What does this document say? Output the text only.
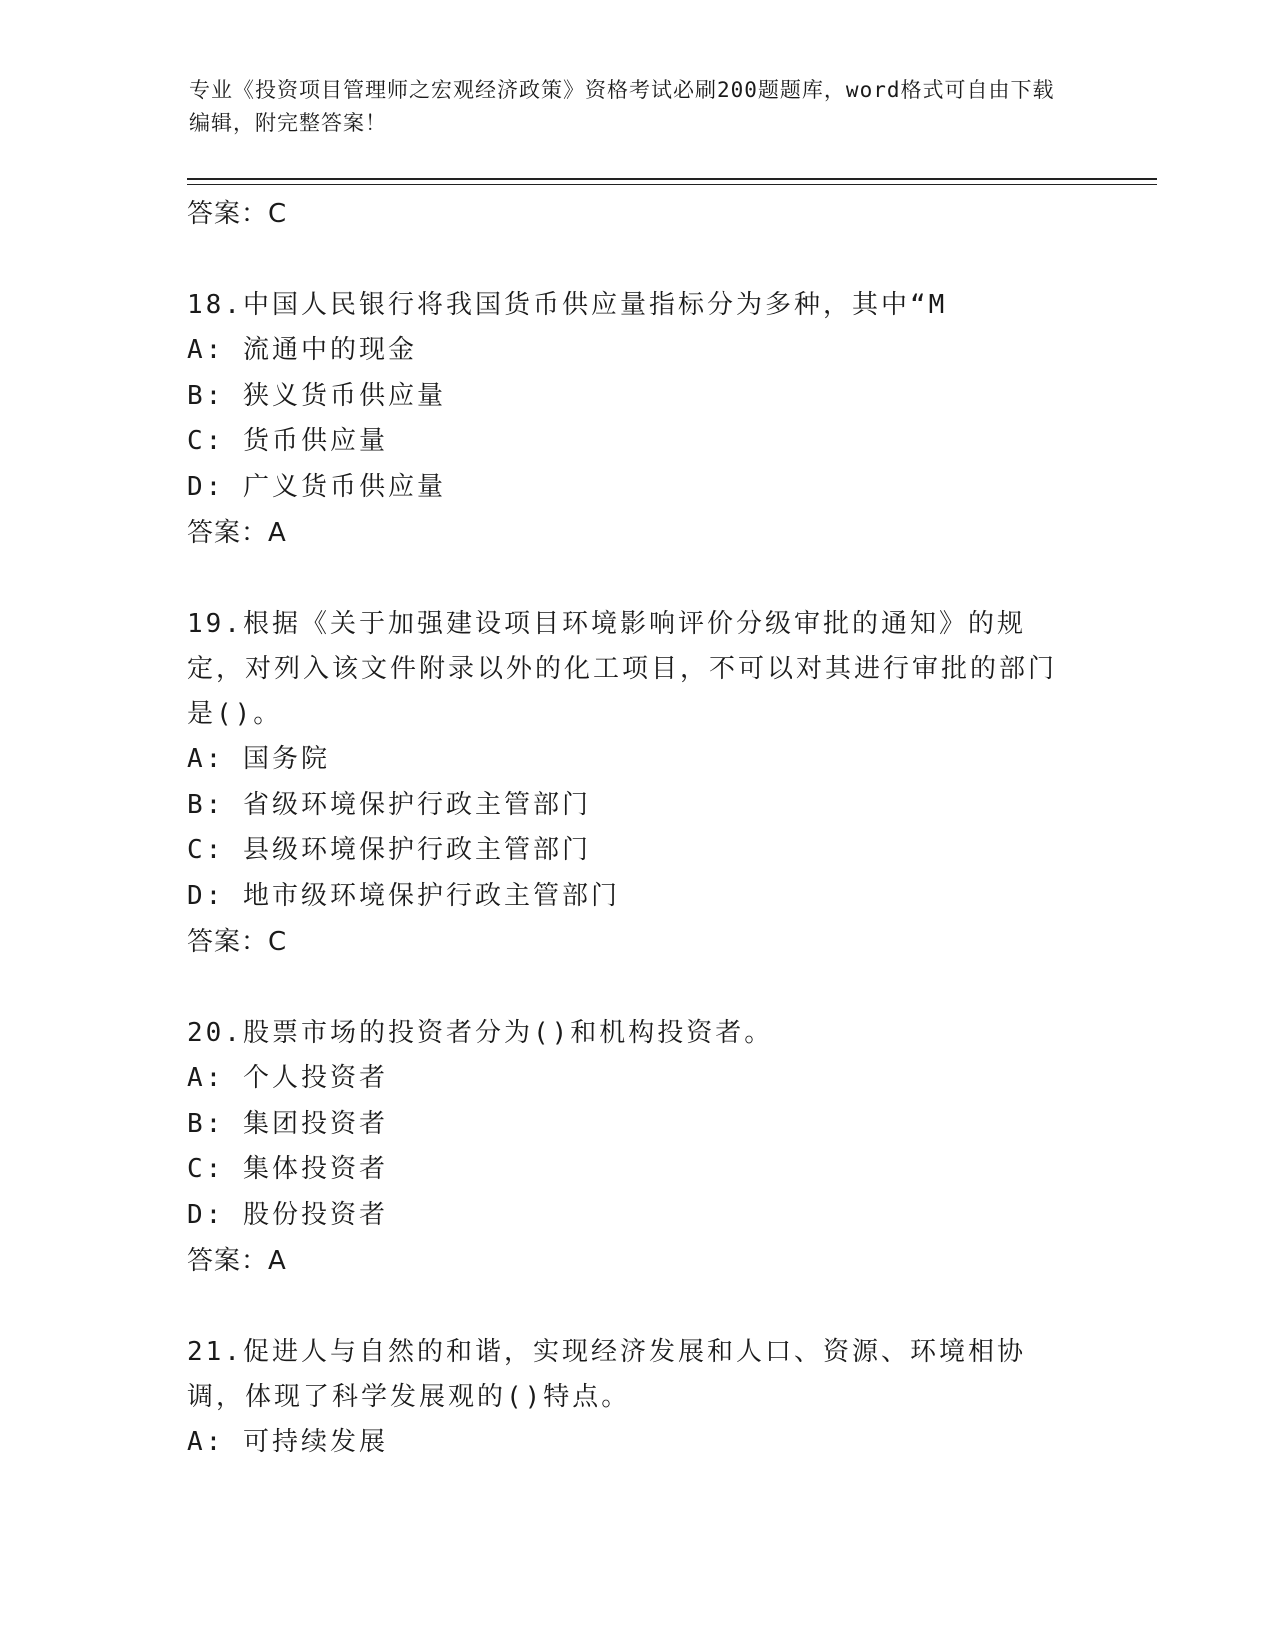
专业《投资项目管理师之宏观经济政策》资格考试必刷200题题库，word格式可自由下载编辑，附完整答案！
答案：C
18.中国人民银行将我国货币供应量指标分为多种，其中“M
A: 流通中的现金
B: 狭义货币供应量
C: 货币供应量
D: 广义货币供应量
答案：A
19.根据《关于加强建设项目环境影响评价分级审批的通知》的规定，对列入该文件附录以外的化工项目，不可以对其进行审批的部门是()。
A: 国务院
B: 省级环境保护行政主管部门
C: 县级环境保护行政主管部门
D: 地市级环境保护行政主管部门
答案：C
20.股票市场的投资者分为()和机构投资者。
A: 个人投资者
B: 集团投资者
C: 集体投资者
D: 股份投资者
答案：A
21.促进人与自然的和谐，实现经济发展和人口、资源、环境相协调，体现了科学发展观的()特点。
A: 可持续发展
